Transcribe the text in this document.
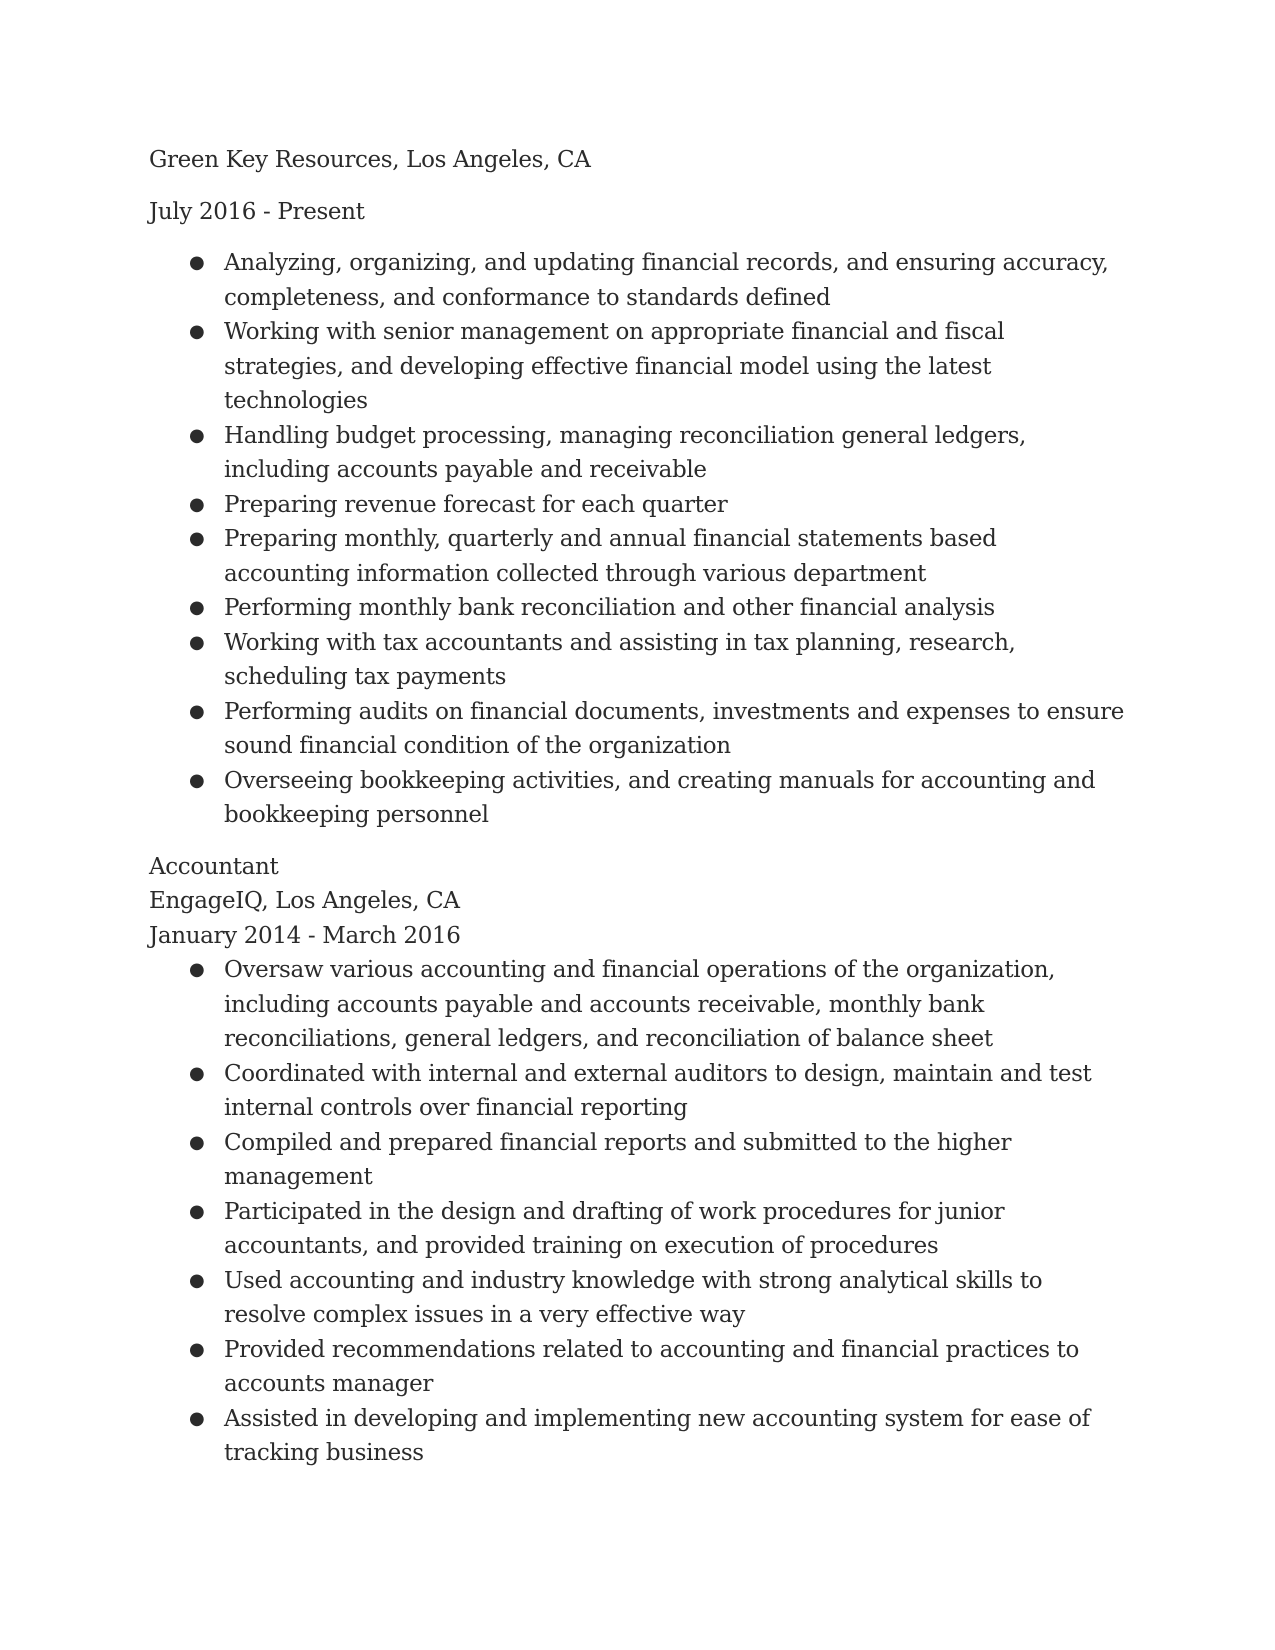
Green Key Resources, Los Angeles, CA

July 2016 - Present

● Analyzing, organizing, and updating financial records, and ensuring accuracy, completeness, and conformance to standards defined
● Working with senior management on appropriate financial and fiscal strategies, and developing effective financial model using the latest technologies
● Handling budget processing, managing reconciliation general ledgers, including accounts payable and receivable
● Preparing revenue forecast for each quarter
● Preparing monthly, quarterly and annual financial statements based accounting information collected through various department
● Performing monthly bank reconciliation and other financial analysis
● Working with tax accountants and assisting in tax planning, research, scheduling tax payments
● Performing audits on financial documents, investments and expenses to ensure sound financial condition of the organization
● Overseeing bookkeeping activities, and creating manuals for accounting and bookkeeping personnel

Accountant

EngageIQ, Los Angeles, CA

January 2014 - March 2016

● Oversaw various accounting and financial operations of the organization, including accounts payable and accounts receivable, monthly bank reconciliations, general ledgers, and reconciliation of balance sheet
● Coordinated with internal and external auditors to design, maintain and test internal controls over financial reporting
● Compiled and prepared financial reports and submitted to the higher management
● Participated in the design and drafting of work procedures for junior accountants, and provided training on execution of procedures
● Used accounting and industry knowledge with strong analytical skills to resolve complex issues in a very effective way
● Provided recommendations related to accounting and financial practices to accounts manager
● Assisted in developing and implementing new accounting system for ease of tracking business
